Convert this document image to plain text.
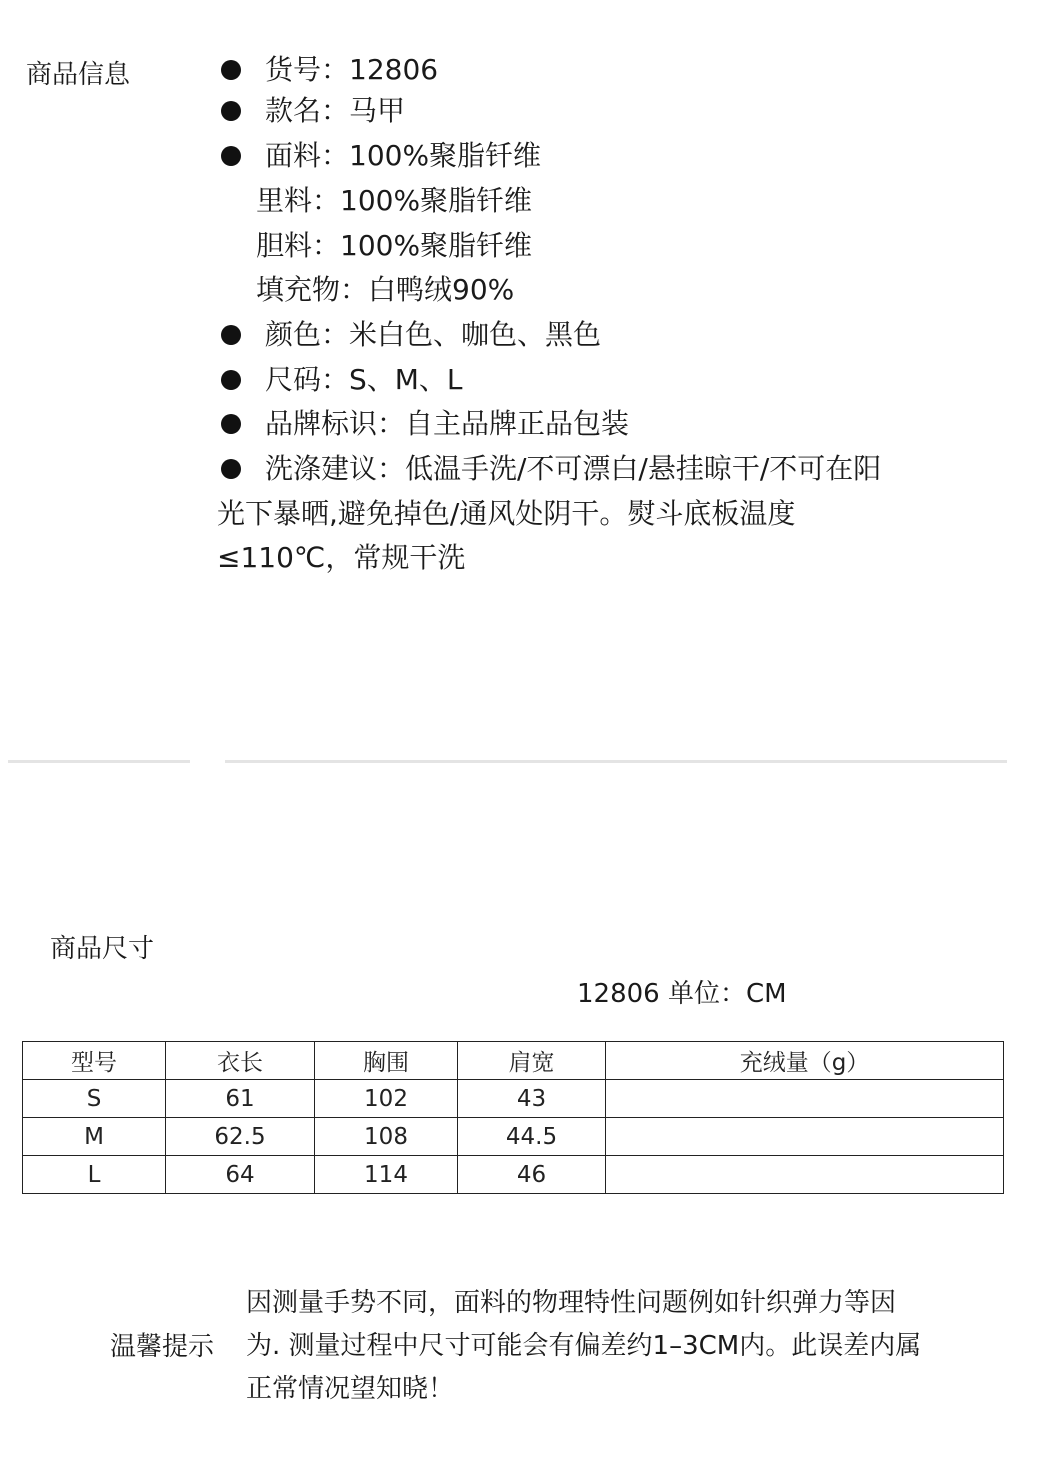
商品信息	货号：12806
款名：马甲
面料：100%聚脂钎维
里料：100%聚脂钎维
胆料：100%聚脂钎维
填充物：白鸭绒90%
颜色：米白色、咖色、黑色
尺码：S、M、L
品牌标识：自主品牌正品包装
洗涤建议：低温手洗/不可漂白/悬挂晾干/不可在阳
光下暴晒,避免掉色/通风处阴干。熨斗底板温度
≤110℃，常规干洗
商品尺寸
12806 单位：CM
型号	衣长	胸围	肩宽	充绒量（g）
S	61	102	43	
M	62.5	108	44.5	
L	64	114	46	
温馨提示
因测量手势不同，面料的物理特性问题例如针织弹力等因
为. 测量过程中尺寸可能会有偏差约1–3CM内。此误差内属
正常情况望知晓！
